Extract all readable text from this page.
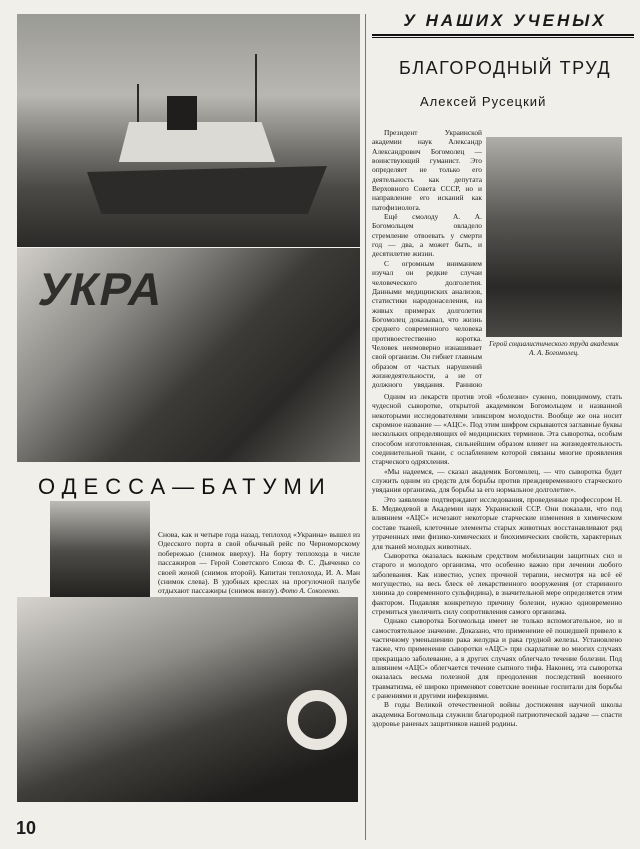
УКРА
ОДЕССА—БАТУМИ
Снова, как и четыре года назад, теплоход «Украина» вышел из Одесского порта в свой обычный рейс по Черноморскому побережью (снимок вверху). На борту теплохода в числе пассажиров — Герой Советского Союза Ф. С. Дьяченко со своей женой (снимок второй). Капитан теплохода, И. А. Ман (снимок слева). В удобных креслах на прогулочной палубе отдыхают пассажиры (снимок внизу). Фото А. Соколенко.
У НАШИХ УЧЕНЫХ
БЛАГОРОДНЫЙ ТРУД
Алексей Русецкий

Президент Украинской академии наук Александр Александрович Богомолец — воинствующий гуманист. Это определяет не только его деятельность как депутата Верховного Совета СССР, но и направление его исканий как патофизиолога.

Ещё смолоду А. А. Богомольцем овладело стремление отвоевать у смерти год — два, а может быть, и десятилетие жизни.

С огромным вниманием изучал он редкие случаи человеческого долголетия. Данными медицинских анализов, статистики народонаселения, на живых примерах долголетия Богомолец доказывал, что жизнь среднего современного человека противоестественно коротка. Человек неимоверно изнашивает свой организм. Он гибнет главным образом от частых нарушений жизнедеятельности, а не от должного увядания. Раннюю

Герой социалистического труда академик А. А. Богомолец.

Одним из лекарств против этой «болезни» сужено, повидимому, стать чудесной сыворотке, открытой академиком Богомольцем и названной некоторыми исследователями эликсиром молодости. Вообще же она носит скромное название — «АЦС». Под этим шифром скрываются заглавные буквы нескольких определяющих её медицинских терминов. Эта сыворотка, особым способом изготовленная, сильнейшим образом влияет на жизнедеятельность соединительной ткани, с ослаблением которой связаны многие проявления старческого одряхления.

«Мы надеемся, — сказал академик Богомолец, — что сыворотка будет служить одним из средств для борьбы против преждевременного старческого увядания организма, для борьбы за его нормальное долголетие».

Это заявление подтверждают исследования, проведенные профессором Н. Б. Медведевой в Академии наук Украинской ССР. Они показали, что под влиянием «АЦС» исчезают некоторые старческие изменения в химическом составе тканей, клеточные элементы старых животных восстанавливают ряд утраченных ими физико-химических и биохимических свойств, характерных для тканей молодых животных.

Сыворотка оказалась важным средством мобилизации защитных сил и старого и молодого организма, что особенно важно при лечении любого заболевания. Как известно, успех прочной терапии, несмотря на всё её могущество, на весь блеск её лекарственного вооружения (от старинного хинина до современного сульфидина), в значительной мере определяется этим фактором. Подавляя конкретную причину болезни, нужно одновременно стремиться увеличить силу сопротивления самого организма.

Однако сыворотка Богомольца имеет не только вспомогательное, но и самостоятельное значение. Доказано, что применение её пошедшей привело к частичному уменьшению рака желудка и рака грудной железы. Установлено также, что применение сыворотки «АЦС» при скарлатине во многих случаях прекращало заболевание, а в других случаях облегчало течение болезни. Под влиянием «АЦС» облегчается течение сыпного тифа. Наконец, эта сыворотка оказалась весьма полезной для преодоления последствий военного травматизма, её широко применяют советские военные госпитали для борьбы с ранениями и другими инфекциями.

В годы Великой отечественной войны достижения научной школы академика Богомольца служили благородной патриотической задаче — спасти здоровье раненых защитников нашей родины.

10
